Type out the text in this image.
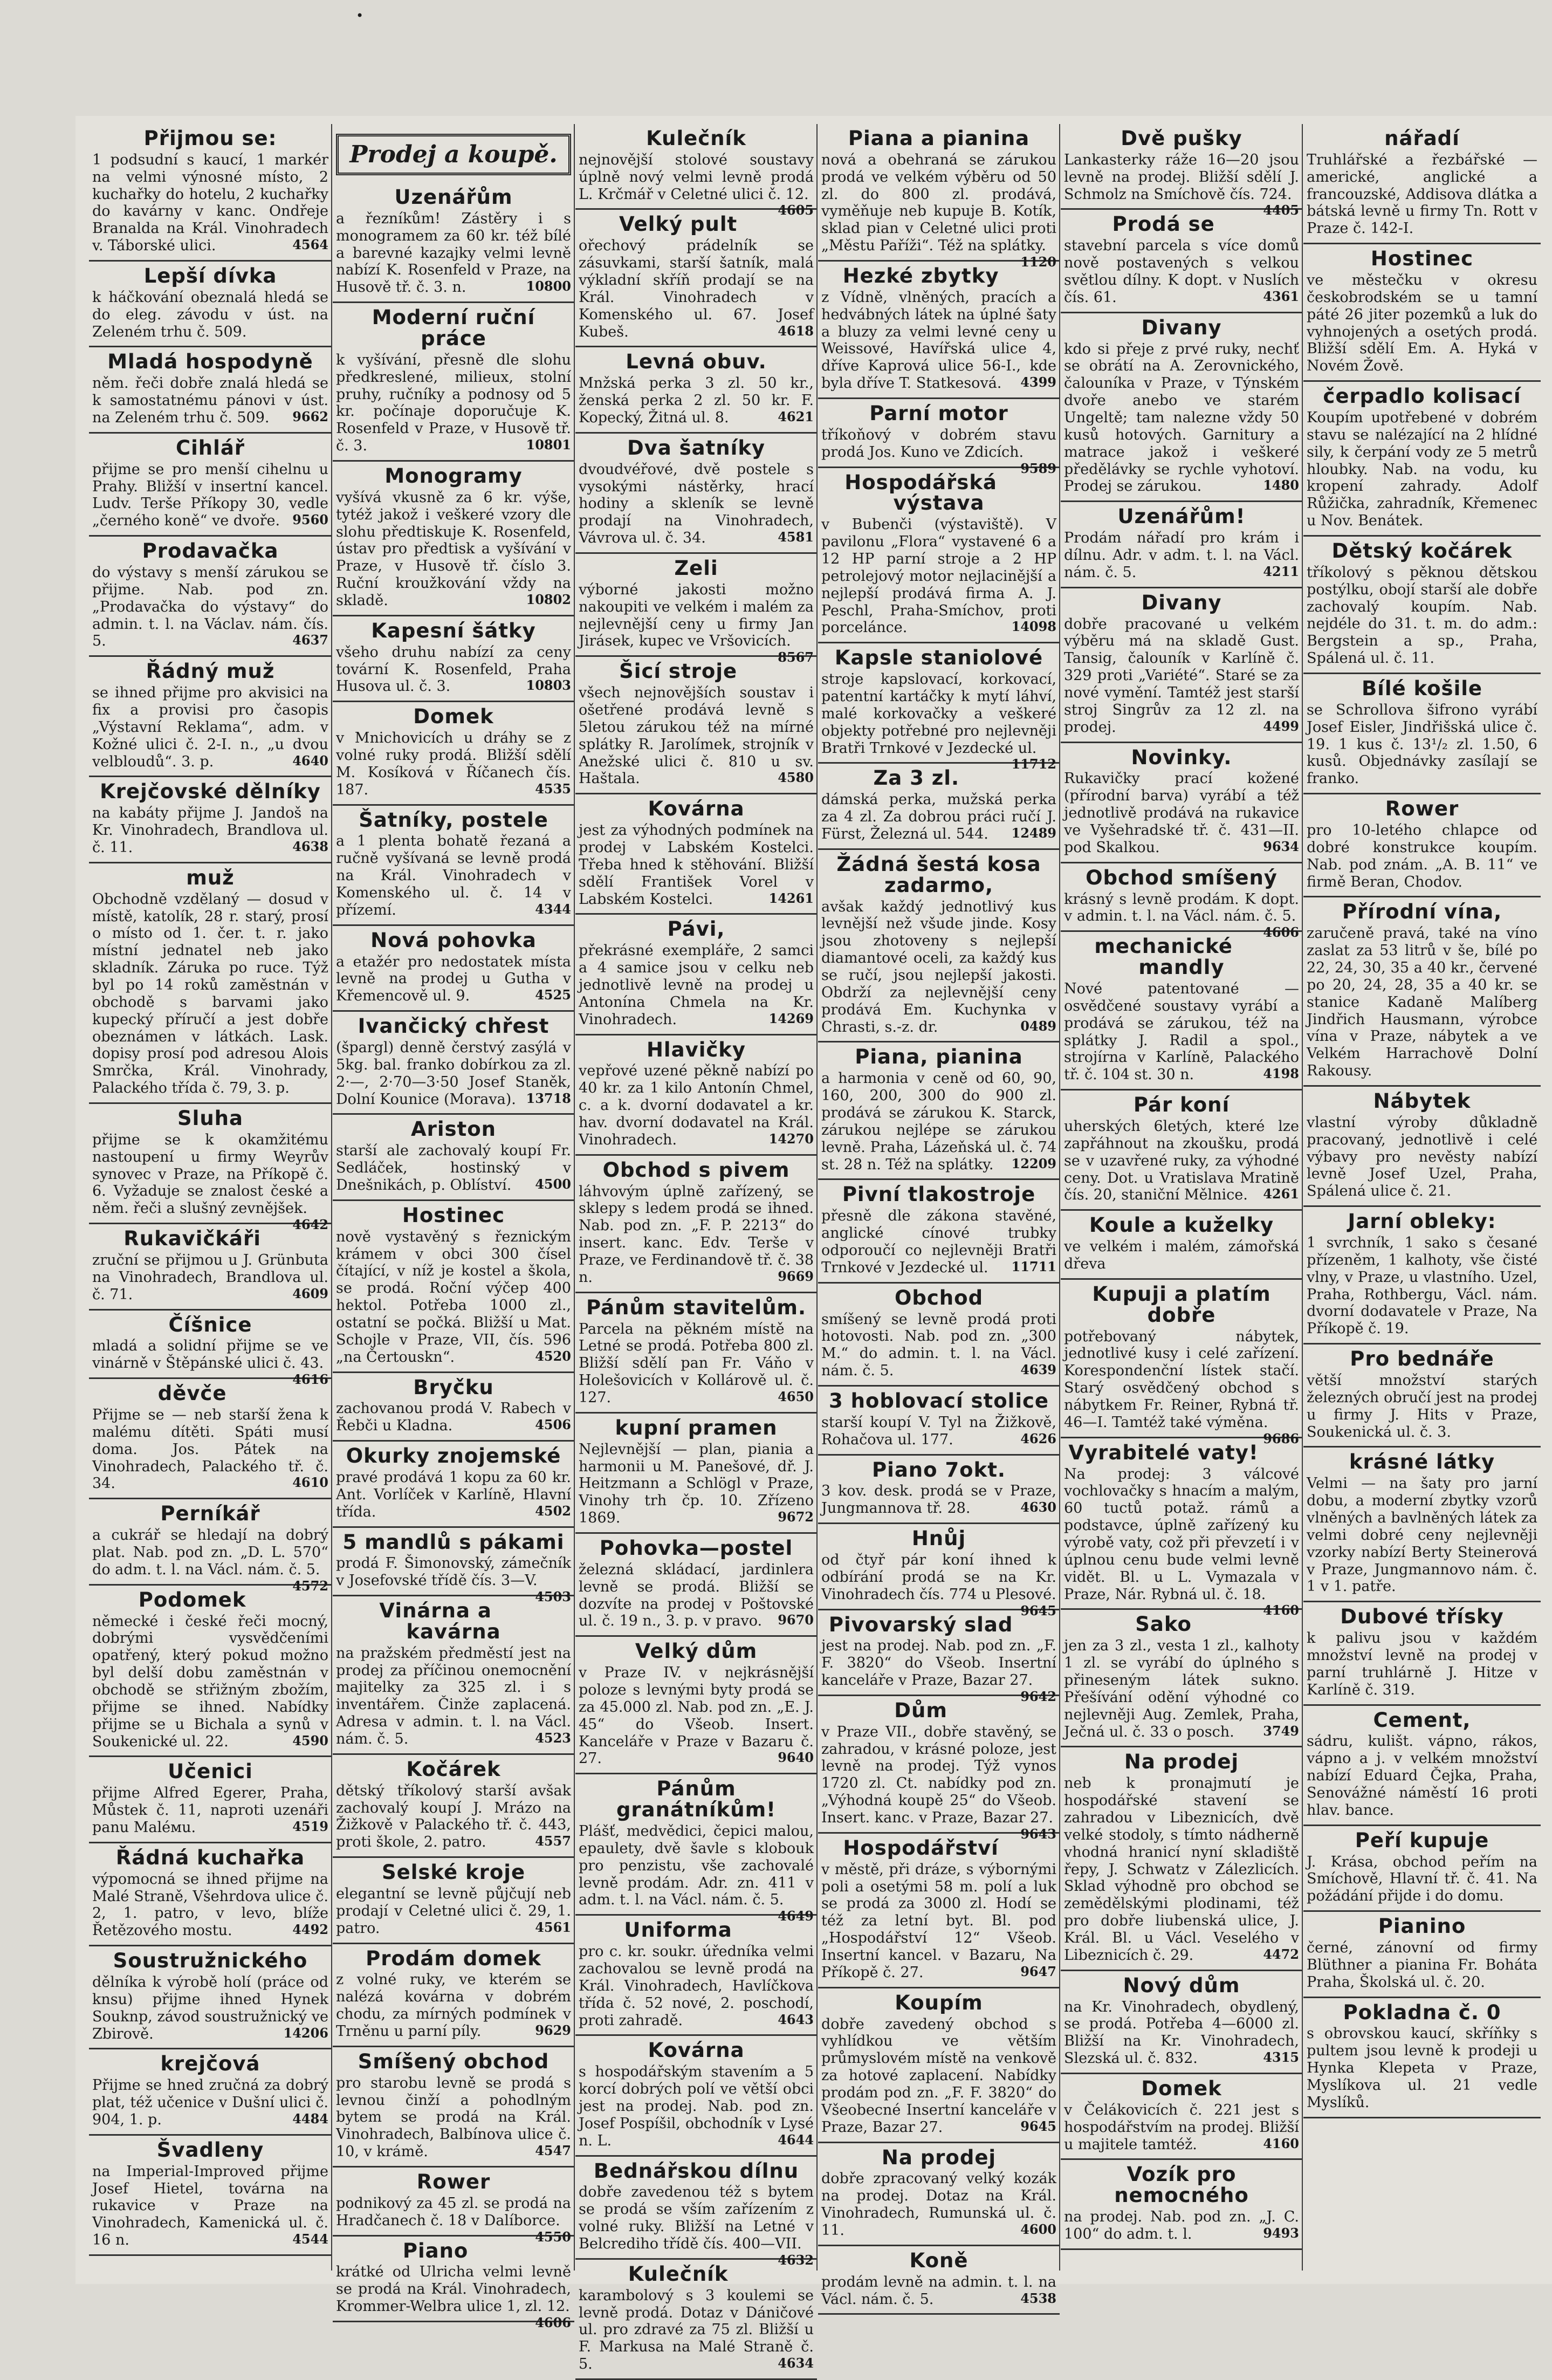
•
Přijmou se:
1 podsudní s kaucí, 1 markér na velmi výnosné místo, 2 kuchařky do hotelu, 2 kuchařky do kavárny v kanc. Ondřeje Branalda na Král. Vinohradech v. Táborské ulici.	4564
Lepší dívka
k háčkování obeznalá hledá se do eleg. závodu v úst. na Zeleném trhu č. 509.
Mladá hospodyně
něm. řeči dobře znalá hledá se k samostatnému pánovi v úst. na Zeleném trhu č. 509. 9662
Cihlář
přijme se pro menší cihelnu u Prahy. Bližší v insertní kancel. Ludv. Terše Příkopy 30, vedle „černého koně“ ve dvoře. 9560
Prodavačka
do výstavy s menší zárukou se přijme. Nab. pod zn. „Prodavačka do výstavy“ do admin. t. l. na Václav. nám. čís. 5.	4637
Řádný muž
se ihned přijme pro akvisici na fix a provisi pro časopis „Výstavní Reklama“, adm. v Kožné ulici č. 2-I. n., „u dvou velbloudů“. 3. p.	4640
Krejčovské dělníky
na kabáty přijme J. Jandoš na Kr. Vinohradech, Brandlova ul. č. 11.	4638
muž
Obchodně vzdělaný — dosud v místě, katolík, 28 r. starý, prosí o místo od 1. čer. t. r. jako místní jednatel neb jako skladník. Záruka po ruce. Týž byl po 14 roků zaměstnán v obchodě s barvami jako kupecký příručí a jest dobře obeznámen v látkách. Lask. dopisy prosí pod adresou Alois Smrčka, Král. Vinohrady, Palackého třída č. 79, 3. p.
Sluha
přijme se k okamžitému nastoupení u firmy Weyrův synovec v Praze, na Příkopě č. 6. Vyžaduje se znalost české a něm. řeči a slušný zevnějšek.
4642
Rukavičkáři
zruční se přijmou u J. Grünbuta na Vinohradech, Brandlova ul. č. 71.	4609
Číšnice
mladá a solidní přijme se ve vinárně v Štěpánské ulici č. 43.
4616
děvče
Přijme se — neb starší žena k malému dítěti. Spáti musí doma. Jos. Pátek na Vinohradech, Palackého tř. č. 34.	4610
Perníkář
a cukrář se hledají na dobrý plat. Nab. pod zn. „D. L. 570“ do adm. t. l. na Václ. nám. č. 5.
4572
Podomek
německé i české řeči mocný, dobrými vysvědčeními opatřený, který pokud možno byl delší dobu zaměstnán v obchodě se střižným zbožím, přijme se ihned. Nabídky přijme se u Bichala a synů v Soukenické ul. 22.	4590
Učenici
přijme Alfred Egerer, Praha, Můstek č. 11, naproti uzenáři panu Maléмu.	4519
Řádná kuchařka
výpomocná se ihned přijme na Malé Straně, Všehrdova ulice č. 2, 1. patro, v levo, blíže Řetězového mostu.	4492
Soustružnického
dělníka k výrobě holí (práce od knsu) přijme ihned Hynek Souknp, závod soustružnický ve Zbirově.	14206
krejčová
Přijme se hned zručná za dobrý plat, též učenice v Dušní ulici č. 904, 1. p.	4484
Švadleny
na Imperial-Improved přijme Josef Hietel, továrna na rukavice v Praze na Vinohradech, Kamenická ul. č. 16 n.	4544
Prodej a koupě.
Uzenářům
a řezníkům! Zástěry i s monogramem za 60 kr. též bílé a barevné kazajky velmi levně nabízí K. Rosenfeld v Praze, na Husově tř. č. 3. n.	10800
Moderní ruční práce
k vyšívání, přesně dle slohu předkreslené, milieux, stolní pruhy, ručníky a podnosy od 5 kr. počínaje doporučuje K. Rosenfeld v Praze, v Husově tř. č. 3.	10801
Monogramy
vyšívá vkusně za 6 kr. výše, tytéž jakož i veškeré vzory dle slohu předtiskuje K. Rosenfeld, ústav pro předtisk a vyšívání v Praze, v Husově tř. číslo 3. Ruční kroužkování vždy na skladě.	10802
Kapesní šátky
všeho druhu nabízí za ceny tovární K. Rosenfeld, Praha Husova ul. č. 3.	10803
Domek
v Mnichovicích u dráhy se z volné ruky prodá. Bližší sdělí M. Kosíková v Říčanech čís. 187.	4535
Šatníky, postele
a 1 plenta bohatě řezaná a ručně vyšívaná se levně prodá na Král. Vinohradech v Komenského ul. č. 14 v přízemí.	4344
Nová pohovka
a etažér pro nedostatek místa levně na prodej u Gutha v Křemencově ul. 9.	4525
Ivančický chřest
(špargl) denně čerstvý zasýlá v 5kg. bal. franko dobírkou za zl. 2·—, 2·70—3·50 Josef Staněk, Dolní Kounice (Morava). 13718
Ariston
starší ale zachovalý koupí Fr. Sedláček, hostinský v Dnešnikách, p. Oblíství. 4500
Hostinec
nově vystavěný s řeznickým krámem v obci 300 čísel čítající, v níž je kostel a škola, se prodá. Roční výčep 400 hektol. Potřeba 1000 zl., ostatní se počká. Bližší u Mat. Schojle v Praze, VII, čís. 596 „na Čertouskn“.	4520
Bryčku
zachovanou prodá V. Rabech v Řebči u Kladna.	4506
Okurky znojemské
pravé prodává 1 kopu za 60 kr. Ant. Vorlíček v Karlíně, Hlavní třída.	4502
5 mandlů s pákami
prodá F. Šimonovský, zámečník v Josefovské třídě čís. 3—V.
4503
Vinárna a kavárna
na pražském předměstí jest na prodej za příčinou onemocnění majitelky za 325 zl. i s inventářem. Činže zaplacená. Adresa v admin. t. l. na Václ. nám. č. 5.	4523
Kočárek
dětský tříkolový starší avšak zachovalý koupí J. Mrázo na Žižkově v Palackého tř. č. 443, proti škole, 2. patro.	4557
Selské kroje
elegantní se levně půjčují neb prodají v Celetné ulici č. 29, 1. patro.	4561
Prodám domek
z volné ruky, ve kterém se nalézá kovárna v dobrém chodu, za mírných podmínek v Trněnu u parní píly.	9629
Smíšený obchod
pro starobu levně se prodá s levnou činží a pohodlným bytem se prodá na Král. Vinohradech, Balbínova ulice č. 10, v krámě.	4547
Rower
podnikový za 45 zl. se prodá na Hradčanech č. 18 v Dalíborce.
4550
Piano
krátké od Ulricha velmi levně se prodá na Král. Vinohradech, Krommer-Welbra ulice 1, zl. 12.
4606
Kulečník
nejnovější stolové soustavy úplně nový velmi levně prodá L. Krčmář v Celetné ulici č. 12.
4605
Velký pult
ořechový prádelník se zásuvkami, starší šatník, malá výkladní skříň prodají se na Král. Vinohradech v Komenského ul. 67. Josef Kubeš.	4618
Levná obuv.
Mnžská perka 3 zl. 50 kr., ženská perka 2 zl. 50 kr. F. Kopecký, Žitná ul. 8.	4621
Dva šatníky
dvoudvéřové, dvě postele s vysokými nástěrky, hrací hodiny a skleník se levně prodají na Vinohradech, Vávrova ul. č. 34.	4581
Zeli
výborné jakosti možno nakoupiti ve velkém i malém za nejlevnější ceny u firmy Jan Jirásek, kupec ve Vršovicích.
8567
Šicí stroje
všech nejnovějších soustav i ošetřené prodává levně s 5letou zárukou též na mírné splátky R. Jarolímek, strojník v Anežské ulici č. 810 u sv. Haštala.	4580
Kovárna
jest za výhodných podmínek na prodej v Labském Kostelci. Třeba hned k stěhování. Bližší sdělí František Vorel v Labském Kostelci.	14261
Pávi,
překrásné exempláře, 2 samci a 4 samice jsou v celku neb jednotlivě levně na prodej u Antonína Chmela na Kr. Vinohradech.	14269
Hlavičky
vepřové uzené pěkně nabízí po 40 kr. za 1 kilo Antonín Chmel, c. a k. dvorní dodavatel a kr. hav. dvorní dodavatel na Král. Vinohradech.	14270
Obchod s pivem
láhvovým úplně zařízený, se sklepy s ledem prodá se ihned. Nab. pod zn. „F. P. 2213“ do insert. kanc. Edv. Terše v Praze, ve Ferdinandově tř. č. 38 n.	9669
Pánům stavitelům.
Parcela na pěkném místě na Letné se prodá. Potřeba 800 zl. Bližší sdělí pan Fr. Váňo v Holešovicích v Kollárově ul. č. 127.	4650
kupní pramen
Nejlevnější — plan, piania a harmonii u M. Panešové, dř. J. Heitzmann a Schlögl v Praze, Vinohy trh čp. 10. Zřízeno 1869.	9672
Pohovka—postel
železná skládací, jardinlera levně se prodá. Bližší se dozvíte na prodej v Poštovské ul. č. 19 n., 3. p. v pravo. 9670
Velký dům
v Praze IV. v nejkrásnější poloze s levnými byty prodá se za 45.000 zl. Nab. pod zn. „E. J. 45“ do Všeob. Insert. Kanceláře v Praze v Bazaru č. 27.	9640
Pánům granátníkům!
Plášť, medvědici, čepici malou, epaulety, dvě šavle s klobouk pro penzistu, vše zachovalé levně prodám. Adr. zn. 411 v adm. t. l. na Václ. nám. č. 5.
4649
Uniforma
pro c. kr. soukr. úředníka velmi zachovalou se levně prodá na Král. Vinohradech, Havlíčkova třída č. 52 nové, 2. poschodí, proti zahradě.	4643
Kovárna
s hospodářským stavením a 5 korcí dobrých polí ve větší obci jest na prodej. Nab. pod zn. Josef Pospíšil, obchodník v Lysé n. L.	4644
Bednářskou dílnu
dobře zavedenou též s bytem se prodá se vším zařízením z volné ruky. Bližší na Letné v Belcrediho třídě čís. 400—VII.
4632
Kulečník
karambolový s 3 koulemi se levně prodá. Dotaz v Dáničové ul. pro zdravé za 75 zl. Bližší u F. Markusa na Malé Straně č. 5.	4634
Piana a pianina
nová a obehraná se zárukou prodá ve velkém výběru od 50 zl. do 800 zl. prodává, vyměňuje neb kupuje B. Kotík, sklad pian v Celetné ulici proti „Městu Paříži“. Též na splátky.
1120
Hezké zbytky
z Vídně, vlněných, pracích a hedvábných látek na úplné šaty a bluzy za velmi levné ceny u Weissové, Havířská ulice 4, dříve Kaprová ulice 56-I., kde byla dříve T. Statkesová. 4399
Parní motor
tříkoňový v dobrém stavu prodá Jos. Kuno ve Zdicích.
9589
Hospodářská výstava
v Bubenči (výstaviště). V pavilonu „Flora“ vystavené 6 a 12 HP parní stroje a 2 HP petrolejový motor nejlacinější a nejlepší prodává firma A. J. Peschl, Praha-Smíchov, proti porcelánce.	14098
Kapsle staniolové
stroje kapslovací, korkovací, patentní kartáčky k mytí láhví, malé korkovačky a veškeré objekty potřebné pro nejlevněji Bratři Trnkové v Jezdecké ul.
11712
Za 3 zl.
dámská perka, mužská perka za 4 zl. Za dobrou práci ručí J. Fürst, Železná ul. 544. 12489
Žádná šestá kosa zadarmo,
avšak každý jednotlivý kus levnější než všude jinde. Kosy jsou zhotoveny s nejlepší diamantové oceli, za každý kus se ručí, jsou nejlepší jakosti. Obdrží za nejlevnější ceny prodává Em. Kuchynka v Chrasti, s.-z. dr.	0489
Piana, pianina
a harmonia v ceně od 60, 90, 160, 200, 300 do 900 zl. prodává se zárukou K. Starck, zárukou nejlépe se zárukou levně. Praha, Lázeňská ul. č. 74 st. 28 n. Též na splátky. 12209
Pivní tlakostroje
přesně dle zákona stavěné, anglické cínové trubky odporoučí co nejlevněji Bratři Trnkové v Jezdecké ul. 11711
Obchod
smíšený se levně prodá proti hotovosti. Nab. pod zn. „300 M.“ do admin. t. l. na Václ. nám. č. 5.	4639
3 hoblovací stolice
starší koupí V. Tyl na Žižkově, Rohačova ul. 177.	4626
Piano 7okt.
3 kov. desk. prodá se v Praze, Jungmannova tř. 28.	4630
Hnůj
od čtyř pár koní ihned k odbírání prodá se na Kr. Vinohradech čís. 774 u Plesové.
9645
Pivovarský slad
jest na prodej. Nab. pod zn. „F. F. 3820“ do Všeob. Insertní kanceláře v Praze, Bazar 27.
9642
Dům
v Praze VII., dobře stavěný, se zahradou, v krásné poloze, jest levně na prodej. Týž vynos 1720 zl. Ct. nabídky pod zn. „Výhodná koupě 25“ do Všeob. Insert. kanc. v Praze, Bazar 27.
9643
Hospodářství
v městě, při dráze, s výbornými poli a osetými 58 m. polí a luk se prodá za 3000 zl. Hodí se též za letní byt. Bl. pod „Hospodářství 12“ Všeob. Insertní kancel. v Bazaru, Na Příkopě č. 27.	9647
Koupím
dobře zavedený obchod s vyhlídkou ve větším průmyslovém místě na venkově za hotové zaplacení. Nabídky prodám pod zn. „F. F. 3820“ do Všeobecné Insertní kanceláře v Praze, Bazar 27.	9645
Na prodej
dobře zpracovaný velký kozák na prodej. Dotaz na Král. Vinohradech, Rumunská ul. č. 11.	4600
Koně
prodám levně na admin. t. l. na Václ. nám. č. 5.	4538
Dvě pušky
Lankasterky ráže 16—20 jsou levně na prodej. Bližší sdělí J. Schmolz na Smíchově čís. 724.
4405
Prodá se
stavební parcela s více domů nově postavených s velkou světlou dílny. K dopt. v Nuslích čís. 61.	4361
Divany
kdo si přeje z prvé ruky, nechť se obrátí na A. Zerovnického, čalouníka v Praze, v Týnském dvoře anebo ve starém Ungeltě; tam nalezne vždy 50 kusů hotových. Garnitury a matrace jakož i veškeré předělávky se rychle vyhotoví. Prodej se zárukou.	1480
Uzenářům!
Prodám nářadí pro krám i dílnu. Adr. v adm. t. l. na Václ. nám. č. 5.	4211
Divany
dobře pracované u velkém výběru má na skladě Gust. Tansig, čalouník v Karlíně č. 329 proti „Variété“. Staré se za nové vymění. Tamtéž jest starší stroj Singrův za 12 zl. na prodej.	4499
Novinky.
Rukavičky prací kožené (přírodní barva) vyrábí a též jednotlivě prodává na rukavice ve Vyšehradské tř. č. 431—II. pod Skalkou.	9634
Obchod smíšený
krásný s levně prodám. K dopt. v admin. t. l. na Václ. nám. č. 5.
4606
mechanické mandly
Nové patentované — osvědčené soustavy vyrábí a prodává se zárukou, též na splátky J. Radil a spol., strojírna v Karlíně, Palackého tř. č. 104 st. 30 n.	4198
Pár koní
uherských 6letých, které lze zapřáhnout na zkoušku, prodá se v uzavřené ruky, za výhodné ceny. Dot. u Vratislava Mratině čís. 20, staniční Mělnice. 4261
Koule a kuželky
ve velkém i malém, zámořská dřeva
Kupuji a platím dobře
potřebovaný nábytek, jednotlivé kusy i celé zařízení. Korespondenční lístek stačí. Starý osvědčený obchod s nábytkem Fr. Reiner, Rybná tř. 46—I. Tamtéž také výměna.
9686
Vyrabitelé vaty!
Na prodej: 3 válcové vochlovačky s hnacím a malým, 60 tuctů potaž. rámů a podstavce, úplně zařízený ku výrobě vaty, což při převzetí i v úplnou cenu bude velmi levně vidět. Bl. u L. Vymazala v Praze, Nár. Rybná ul. č. 18.
4160
Sako
jen za 3 zl., vesta 1 zl., kalhoty 1 zl. se vyrábí do úplného s přineseným látek sukno. Přešívání odění výhodné co nejlevněji Aug. Zemlek, Praha, Ječná ul. č. 33 o posch. 3749
Na prodej
neb k pronajmutí je hospodářské stavení se zahradou v Libeznicích, dvě velké stodoly, s tímto nádherně vhodná hranicí nyní skladiště řepy, J. Schwatz v Zálezlicích. Sklad výhodně pro obchod se zemědělskými plodinami, též pro dobře liubenská ulice, J. Král. Bl. u Václ. Veselého v Libeznicích č. 29.	4472
Nový dům
na Kr. Vinohradech, obydlený, se prodá. Potřeba 4—6000 zl. Bližší na Kr. Vinohradech, Slezská ul. č. 832.	4315
Domek
v Čelákovicích č. 221 jest s hospodářstvím na prodej. Bližší u majitele tamtéž.	4160
Vozík pro nemocného
na prodej. Nab. pod zn. „J. C. 100“ do adm. t. l.	9493
nářadí
Truhlářské a řezbářské — americké, anglické a francouzské, Addisova dlátka a bátská levně u firmy Tn. Rott v Praze č. 142-I.
Hostinec
ve městečku v okresu českobrodském se u tamní páté 26 jiter pozemků a luk do vyhnojených a osetých prodá. Bližší sdělí Em. A. Hyká v Novém Žově.
čerpadlo kolisací
Koupím upotřebené v dobrém stavu se nalézající na 2 hlídné sily, k čerpání vody ze 5 metrů hloubky. Nab. na vodu, ku kropení zahrady. Adolf Růžička, zahradník, Křemenec u Nov. Benátek.
Dětský kočárek
tříkolový s pěknou dětskou postýlku, obojí starší ale dobře zachovalý koupím. Nab. nejdéle do 31. t. m. do adm.: Bergstein a sp., Praha, Spálená ul. č. 11.
Bílé košile
se Schrollova šifrono vyrábí Josef Eisler, Jindřišská ulice č. 19. 1 kus č. 13¹/₂ zl. 1.50, 6 kusů. Objednávky zasílají se franko.
Rower
pro 10-letého chlapce od dobré konstrukce koupím. Nab. pod znám. „A. B. 11“ ve firmě Beran, Chodov.
Přírodní vína,
zaručeně pravá, také na víno zaslat za 53 litrů v še, bílé po 22, 24, 30, 35 a 40 kr., červené po 20, 24, 28, 35 a 40 kr. se stanice Kadaně Malíberg Jindřich Hausmann, výrobce vína v Praze, nábytek a ve Velkém Harrachově Dolní Rakousy.
Nábytek
vlastní výroby důkladně pracovaný, jednotlivě i celé výbavy pro nevěsty nabízí levně Josef Uzel, Praha, Spálená ulice č. 21.
Jarní obleky:
1 svrchník, 1 sako s česané přízeněm, 1 kalhoty, vše čisté vlny, v Praze, u vlastního. Uzel, Praha, Rothbergu, Václ. nám. dvorní dodavatele v Praze, Na Příkopě č. 19.
Pro bednáře
větší množství starých železných obručí jest na prodej u firmy J. Hits v Praze, Soukenická ul. č. 3.
krásné látky
Velmi — na šaty pro jarní dobu, a moderní zbytky vzorů vlněných a bavlněných látek za velmi dobré ceny nejlevněji vzorky nabízí Berty Steinerová v Praze, Jungmannovo nám. č. 1 v 1. patře.
Dubové třísky
k palivu jsou v každém množství levně na prodej v parní truhlárně J. Hitze v Karlíně č. 319.
Cement,
sádru, kulišt. vápno, rákos, vápno a j. v velkém množství nabízí Eduard Čejka, Praha, Senovážné náměstí 16 proti hlav. bance.
Peří kupuje
J. Krása, obchod peřím na Smíchově, Hlavní tř. č. 41. Na požádání přijde i do domu.
Pianino
černé, zánovní od firmy Blüthner a pianina Fr. Boháta Praha, Školská ul. č. 20.
Pokladna č. 0
s obrovskou kaucí, skříňky s pultem jsou levně k prodeji u Hynka Klepeta v Praze, Myslíkova ul. 21 vedle Myslíků.
